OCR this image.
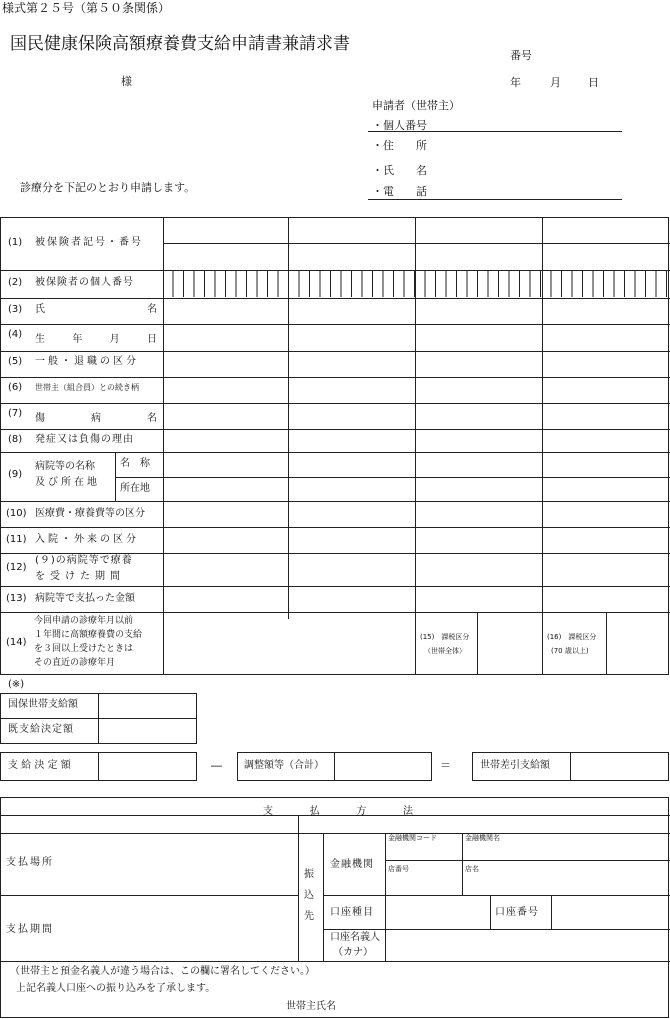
様式第２５号（第５０条関係）
国民健康保険高額療養費支給申請書兼請求書
番号
様	年	月 日
申請者（世帯主）
・個人番号
・住　　所
・氏　　名
・電　　話
診療分を下記のとおり申請します。
(1) 被保険者記号・番号
(2) 被保険者の個人番号
(3) 氏	名
(4) 生	年	月	日
(5) 一般・退職の区分
(6) 世帯主（組合員）との続き柄
(7) 傷	病	名
(8) 発症又は負傷の理由
(9)
病院等の名称
及び所在地
名　称
所在地
(10) 医療費・療養費等の区分
(11) 入院・外来の区分
(12)
(９)の病院等で療養
を受けた期間
(13) 病院等で支払った金額
(14)
今回申請の診療年月以前
１年間に高額療養費の支給
を３回以上受けたときは
その直近の診療年月
(15)　課税区分
（世帯全体）
(16)　課税区分
(70 歳以上)
(※)
国保世帯支給額
既支給決定額
支 給 決 定 額	― 調整額等（合計）	＝	世帯差引支給額
支	払	方	法
支払場所
支払期間
振
込
先
金融機関
金融機関コード	金融機関名
店番号	店名
口座種目	口座番号
口座名義人
（カナ）
（世帯主と預金名義人が違う場合は、この欄に署名してください。）
上記名義人口座への振り込みを了承します。
世帯主氏名
